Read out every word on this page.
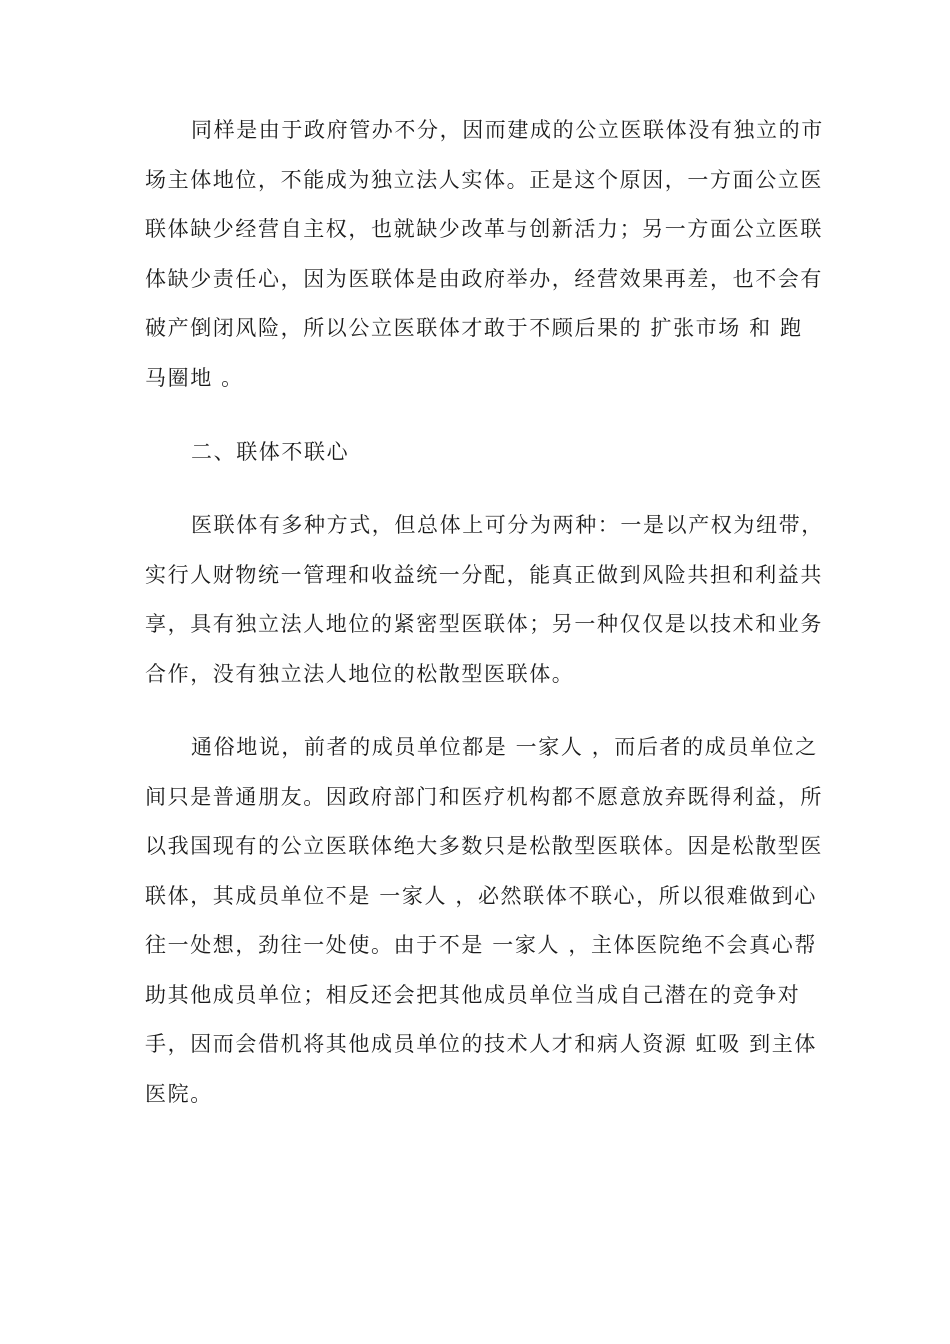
同样是由于政府管办不分，因而建成的公立医联体没有独立的市
场主体地位，不能成为独立法人实体。正是这个原因，一方面公立医
联体缺少经营自主权，也就缺少改革与创新活力；另一方面公立医联
体缺少责任心，因为医联体是由政府举办，经营效果再差，也不会有
破产倒闭风险，所以公立医联体才敢于不顾后果的 扩张市场 和 跑
马圈地 。
二、联体不联心
医联体有多种方式，但总体上可分为两种：一是以产权为纽带，
实行人财物统一管理和收益统一分配，能真正做到风险共担和利益共
享，具有独立法人地位的紧密型医联体；另一种仅仅是以技术和业务
合作，没有独立法人地位的松散型医联体。
通俗地说，前者的成员单位都是 一家人 ，而后者的成员单位之
间只是普通朋友。因政府部门和医疗机构都不愿意放弃既得利益，所
以我国现有的公立医联体绝大多数只是松散型医联体。因是松散型医
联体，其成员单位不是 一家人 ，必然联体不联心，所以很难做到心
往一处想，劲往一处使。由于不是 一家人 ，主体医院绝不会真心帮
助其他成员单位；相反还会把其他成员单位当成自己潜在的竞争对
手，因而会借机将其他成员单位的技术人才和病人资源 虹吸 到主体
医院。
